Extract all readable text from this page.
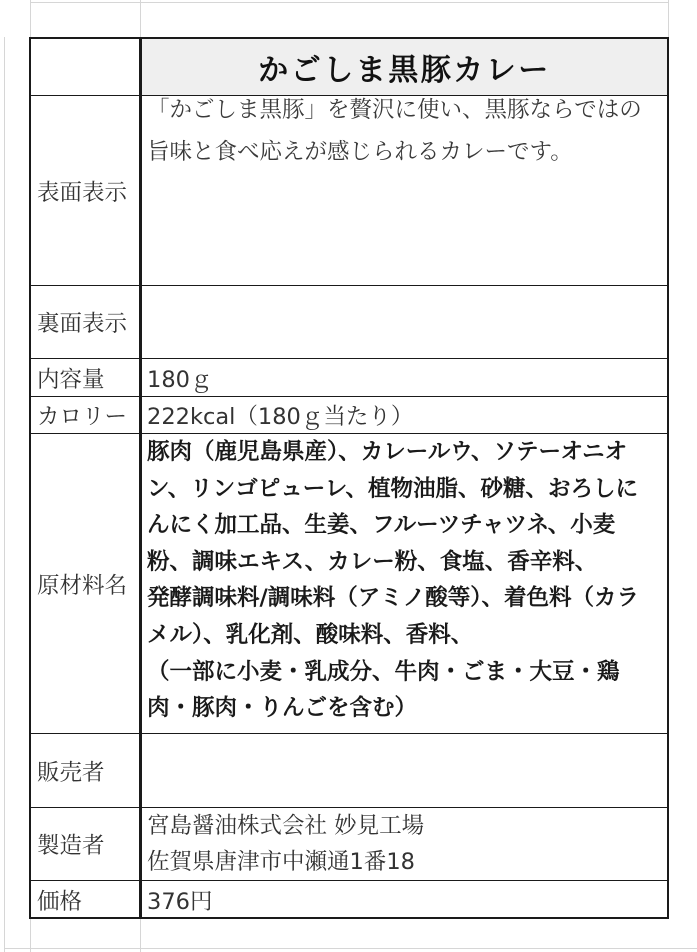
かごしま黒豚カレー
表面表示
「かごしま黒豚」を贅沢に使い、黒豚ならではの
旨味と食べ応えが感じられるカレーです。
裏面表示
内容量 180ｇ
カロリー 222kcal（180ｇ当たり）
原材料名
豚肉（鹿児島県産）、カレールウ、ソテーオニオ
ン、リンゴピューレ、植物油脂、砂糖、おろしに
んにく加工品、生姜、フルーツチャツネ、小麦
粉、調味エキス、カレー粉、食塩、香辛料、
発酵調味料/調味料（アミノ酸等）、着色料（カラ
メル）、乳化剤、酸味料、香料、
（一部に小麦・乳成分、牛肉・ごま・大豆・鶏
肉・豚肉・りんごを含む）
販売者
製造者
宮島醤油株式会社 妙見工場
佐賀県唐津市中瀬通1番18
価格	376円
